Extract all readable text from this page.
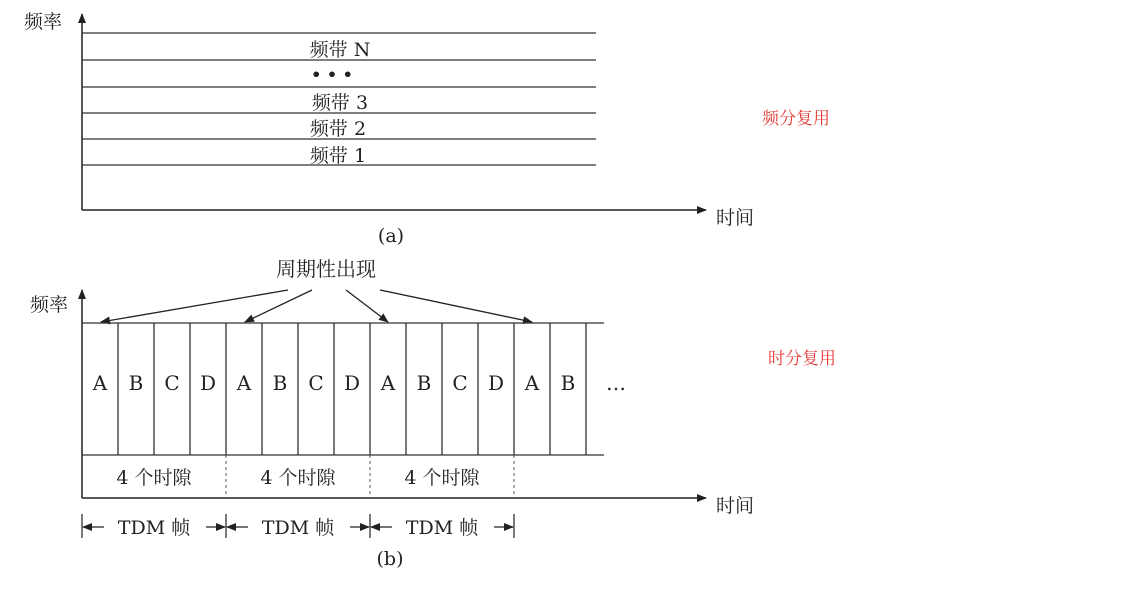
频率
时间
频带 N
• • •
频带 3
频带 2
频带 1
(a)
频率
时间
周期性出现
A B C D A B C D A B C D A B …
4 个时隙	4 个时隙	4 个时隙
TDM 帧	TDM 帧	TDM 帧
(b)
频分复用
时分复用
